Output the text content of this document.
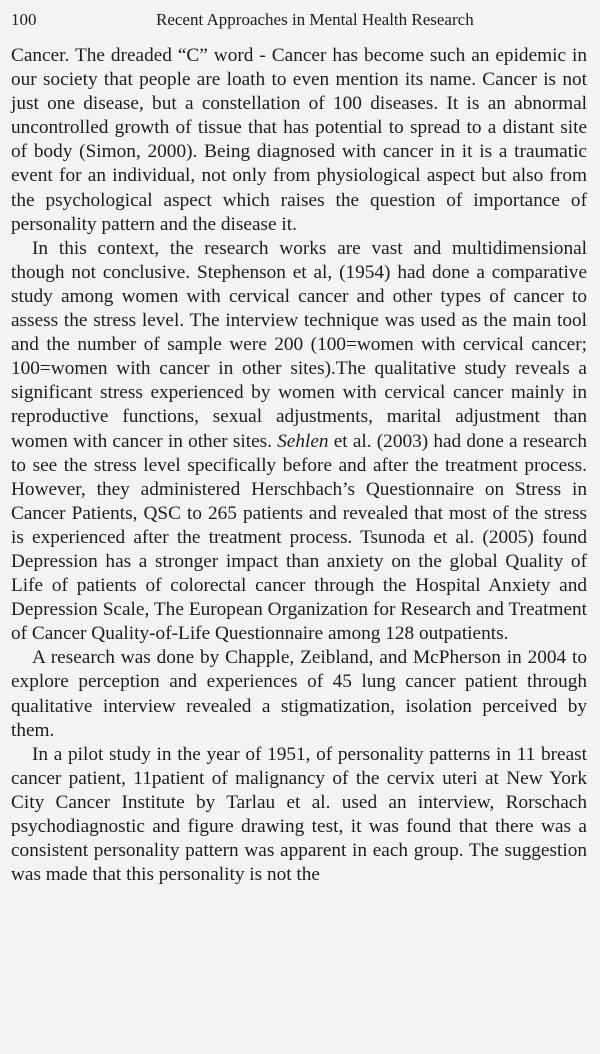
100	Recent Approaches in Mental Health Research

Cancer. The dreaded “C” word - Cancer has become such an epidemic in our society that people are loath to even mention its name. Cancer is not just one disease, but a constellation of 100 diseases. It is an abnormal uncontrolled growth of tissue that has potential to spread to a distant site of body (Simon, 2000). Being diagnosed with cancer in it is a traumatic event for an individual, not only from physiological aspect but also from the psychological aspect which raises the question of importance of personality pattern and the disease it.

In this context, the research works are vast and multidimensional though not conclusive. Stephenson et al, (1954) had done a comparative study among women with cervical cancer and other types of cancer to assess the stress level. The interview technique was used as the main tool and the number of sample were 200 (100=women with cervical cancer; 100=women with cancer in other sites).The qualitative study reveals a significant stress experienced by women with cervical cancer mainly in reproductive functions, sexual adjustments, marital adjustment than women with cancer in other sites. Sehlen et al. (2003) had done a research to see the stress level specifically before and after the treatment process. However, they administered Herschbach’s Questionnaire on Stress in Cancer Patients, QSC to 265 patients and revealed that most of the stress is experienced after the treatment process. Tsunoda et al. (2005) found Depression has a stronger impact than anxiety on the global Quality of Life of patients of colorectal cancer through the Hospital Anxiety and Depression Scale, The European Organization for Research and Treatment of Cancer Quality-of-Life Questionnaire among 128 outpatients.

A research was done by Chapple, Zeibland, and McPherson in 2004 to explore perception and experiences of 45 lung cancer patient through qualitative interview revealed a stigmatization, isolation perceived by them.

In a pilot study in the year of 1951, of personality patterns in 11 breast cancer patient, 11patient of malignancy of the cervix uteri at New York City Cancer Institute by Tarlau et al. used an interview, Rorschach psychodiagnostic and figure drawing test, it was found that there was a consistent personality pattern was apparent in each group. The suggestion was made that this personality is not the
